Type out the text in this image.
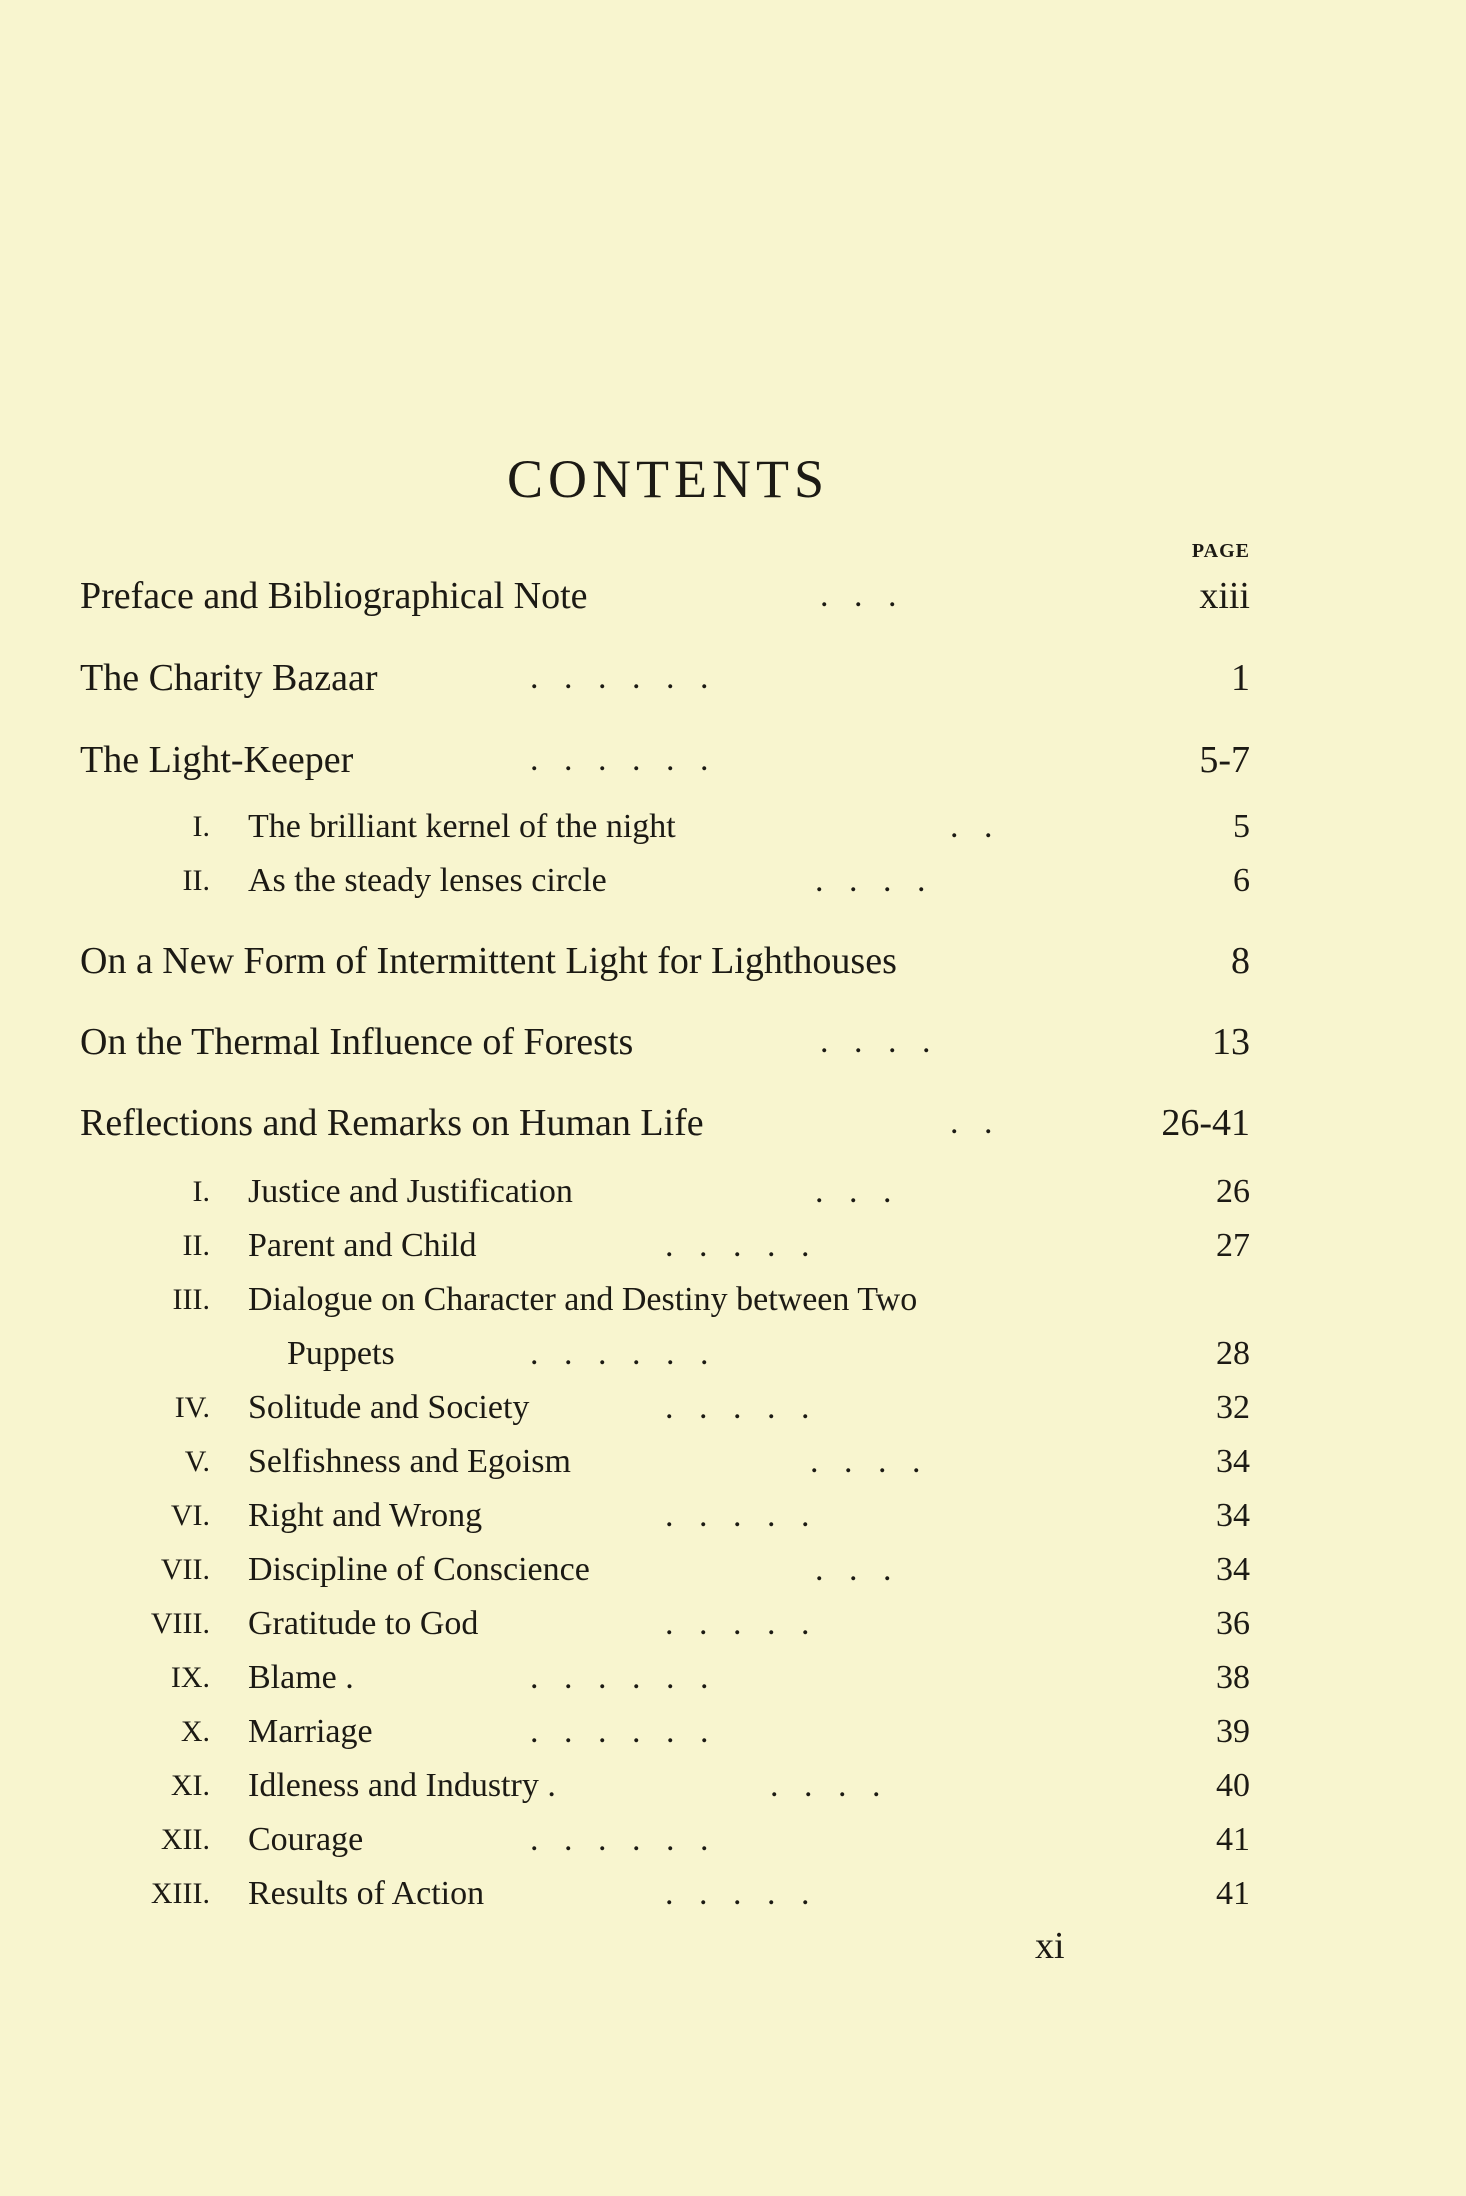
CONTENTS
PAGE
Preface and Bibliographical Note	.   .   .	xiii
The Charity Bazaar	.   .   .   .   .   .	1
The Light-Keeper	.   .   .   .   .   .	5-7
I. The brilliant kernel of the night	.   .	5
II. As the steady lenses circle	.   .   .   .	6
On a New Form of Intermittent Light for Lighthouses	8
On the Thermal Influence of Forests	.   .   .   .	13
Reflections and Remarks on Human Life	.   .	26-41
I. Justice and Justification	.   .   .	26
II. Parent and Child	.   .   .   .   .	27
III. Dialogue on Character and Destiny between Two
Puppets	.   .   .   .   .   .	28
IV. Solitude and Society	.   .   .   .   .	32
V. Selfishness and Egoism	.   .   .   .	34
VI. Right and Wrong	.   .   .   .   .	34
VII. Discipline of Conscience	.   .   .	34
VIII. Gratitude to God	.   .   .   .   .	36
IX. Blame .	.   .   .   .   .   .	38
X. Marriage	.   .   .   .   .   .	39
XI. Idleness and Industry .	.   .   .   .	40
XII. Courage	.   .   .   .   .   .	41
XIII. Results of Action	.   .   .   .   .	41
xi
